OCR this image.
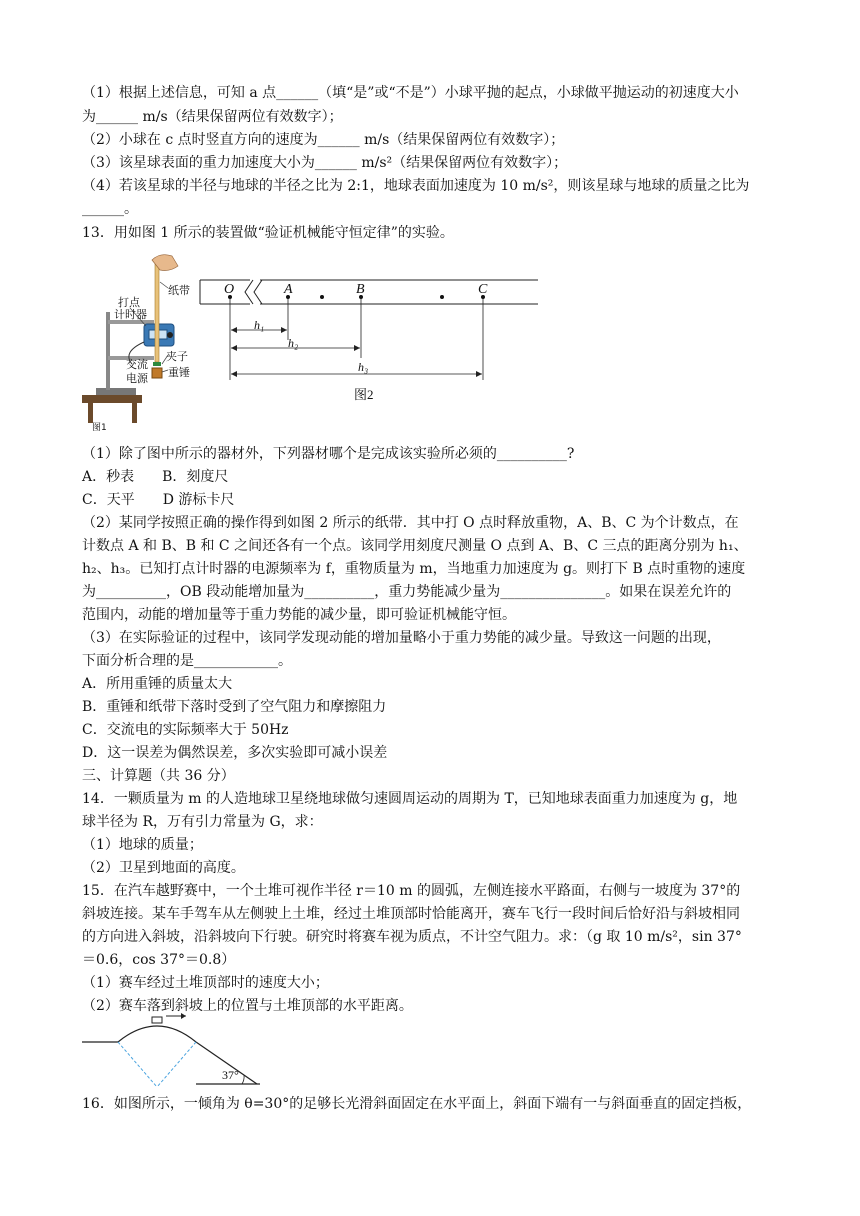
（1）根据上述信息，可知 a 点______（填“是”或“不是”）小球平抛的起点，小球做平抛运动的初速度大小
为______ m/s（结果保留两位有效数字）；
（2）小球在 c 点时竖直方向的速度为______ m/s（结果保留两位有效数字）；
（3）该星球表面的重力加速度大小为______ m/s²（结果保留两位有效数字）；
（4）若该星球的半径与地球的半径之比为 2:1，地球表面加速度为 10 m/s²，则该星球与地球的质量之比为
______。
13．用如图 1 所示的装置做“验证机械能守恒定律”的实验。
纸带
打点
计时器
夹子
交流
电源 重锤
图1
O	A	B	C
h₁
h₂
h₃
图2
（1）除了图中所示的器材外，下列器材哪个是完成该实验所必须的__________?
A．秒表　　B．刻度尺
C．天平　　D 游标卡尺
（2）某同学按照正确的操作得到如图 2 所示的纸带．其中打 O 点时释放重物，A、B、C 为个计数点，在
计数点 A 和 B、B 和 C 之间还各有一个点。该同学用刻度尺测量 O 点到 A、B、C 三点的距离分别为 h₁、
h₂、h₃。已知打点计时器的电源频率为 f，重物质量为 m，当地重力加速度为 g。则打下 B 点时重物的速度
为__________，OB 段动能增加量为__________，重力势能减少量为_______________。如果在误差允许的
范围内，动能的增加量等于重力势能的减少量，即可验证机械能守恒。
（3）在实际验证的过程中，该同学发现动能的增加量略小于重力势能的减少量。导致这一问题的出现，
下面分析合理的是____________。
A．所用重锤的质量太大
B．重锤和纸带下落时受到了空气阻力和摩擦阻力
C．交流电的实际频率大于 50Hz
D．这一误差为偶然误差，多次实验即可减小误差
三、计算题（共 36 分）
14．一颗质量为 m 的人造地球卫星绕地球做匀速圆周运动的周期为 T，已知地球表面重力加速度为 g，地
球半径为 R，万有引力常量为 G，求：
（1）地球的质量；
（2）卫星到地面的高度。
15．在汽车越野赛中，一个土堆可视作半径 r＝10 m 的圆弧，左侧连接水平路面，右侧与一坡度为 37°的
斜坡连接。某车手驾车从左侧驶上土堆，经过土堆顶部时恰能离开，赛车飞行一段时间后恰好沿与斜坡相同
的方向进入斜坡，沿斜坡向下行驶。研究时将赛车视为质点，不计空气阻力。求：（g 取 10 m/s²，sin 37°
＝0.6，cos 37°＝0.8）
（1）赛车经过土堆顶部时的速度大小；
（2）赛车落到斜坡上的位置与土堆顶部的水平距离。
37°
16．如图所示，一倾角为 θ=30°的足够长光滑斜面固定在水平面上，斜面下端有一与斜面垂直的固定挡板，
